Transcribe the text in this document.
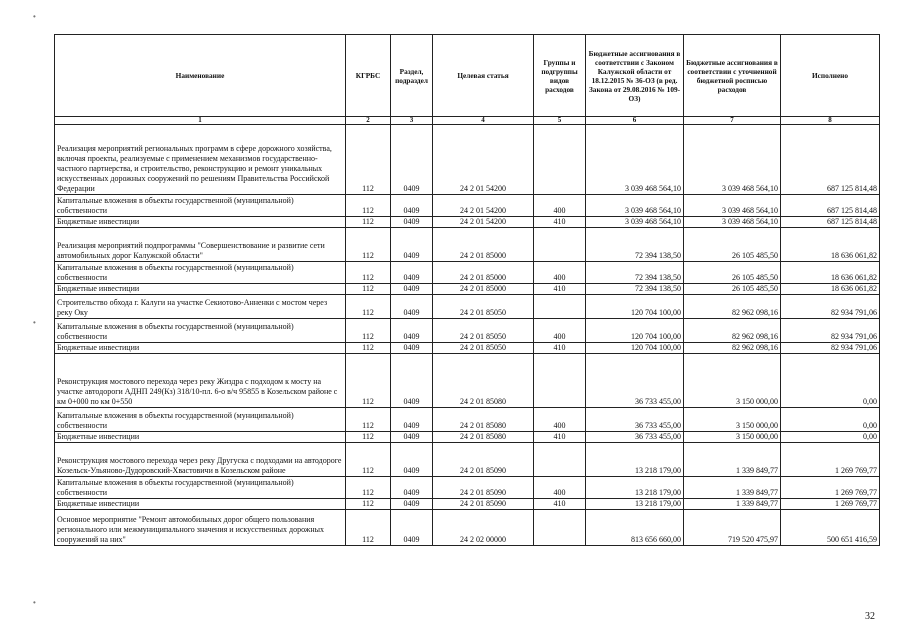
•
•
•
Наименование	КГРБС	Раздел, подраздел	Целевая статья	Группы и подгруппы видов расходов	Бюджетные ассигнования в соответствии с Законом Калужской области от 18.12.2015 № 36-ОЗ (в ред. Закона от 29.08.2016 № 109-ОЗ)	Бюджетные ассигнования в соответствии с уточненной бюджетной росписью расходов	Исполнено
1	2	3	4	5	6	7	8
Реализация мероприятий региональных программ в сфере дорожного хозяйства, включая проекты, реализуемые с применением механизмов государственно-частного партнерства, и строительство, реконструкцию и ремонт уникальных искусственных дорожных сооружений по решениям Правительства Российской Федерации	112	0409	24 2 01 54200		3 039 468 564,10	3 039 468 564,10	687 125 814,48
Капитальные вложения в объекты государственной (муниципальной) собственности	112	0409	24 2 01 54200	400	3 039 468 564,10	3 039 468 564,10	687 125 814,48
Бюджетные инвестиции	112	0409	24 2 01 54200	410	3 039 468 564,10	3 039 468 564,10	687 125 814,48
Реализация мероприятий подпрограммы "Совершенствование и развитие сети автомобильных дорог Калужской области"	112	0409	24 2 01 85000		72 394 138,50	26 105 485,50	18 636 061,82
Капитальные вложения в объекты государственной (муниципальной) собственности	112	0409	24 2 01 85000	400	72 394 138,50	26 105 485,50	18 636 061,82
Бюджетные инвестиции	112	0409	24 2 01 85000	410	72 394 138,50	26 105 485,50	18 636 061,82
Строительство обхода г. Калуги на участке Секиотово-Анненки с мостом через реку Оку	112	0409	24 2 01 85050		120 704 100,00	82 962 098,16	82 934 791,06
Капитальные вложения в объекты государственной (муниципальной) собственности	112	0409	24 2 01 85050	400	120 704 100,00	82 962 098,16	82 934 791,06
Бюджетные инвестиции	112	0409	24 2 01 85050	410	120 704 100,00	82 962 098,16	82 934 791,06
Реконструкция мостового перехода через реку Жиздра с подходом к мосту на участке автодороги АДНП 249(Кз) 318/10-пл. 6-о в/ч 95855 в Козельском районе с км 0+000 по км 0+550	112	0409	24 2 01 85080		36 733 455,00	3 150 000,00	0,00
Капитальные вложения в объекты государственной (муниципальной) собственности	112	0409	24 2 01 85080	400	36 733 455,00	3 150 000,00	0,00
Бюджетные инвестиции	112	0409	24 2 01 85080	410	36 733 455,00	3 150 000,00	0,00
Реконструкция мостового перехода через реку Другуска с подходами на автодороге Козельск-Ульяново-Дудоровский-Хвастовичи в Козельском районе	112	0409	24 2 01 85090		13 218 179,00	1 339 849,77	1 269 769,77
Капитальные вложения в объекты государственной (муниципальной) собственности	112	0409	24 2 01 85090	400	13 218 179,00	1 339 849,77	1 269 769,77
Бюджетные инвестиции	112	0409	24 2 01 85090	410	13 218 179,00	1 339 849,77	1 269 769,77
Основное мероприятие "Ремонт автомобильных дорог общего пользования регионального или межмуниципального значения и искусственных дорожных сооружений на них"	112	0409	24 2 02 00000		813 656 660,00	719 520 475,97	500 651 416,59
32
